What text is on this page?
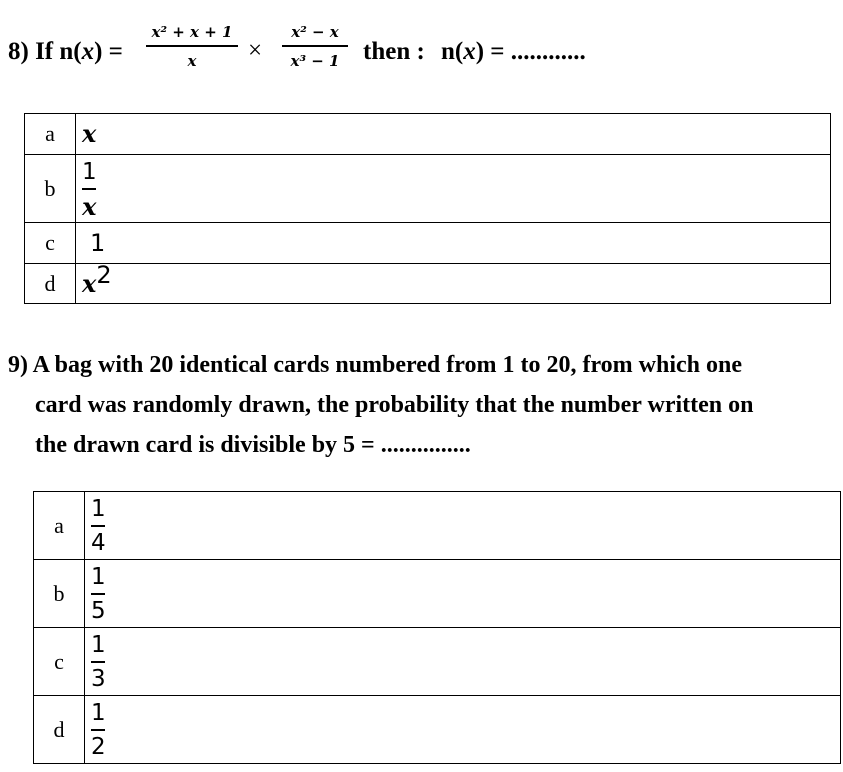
8) If n(x) =
x² + x + 1
x ×
x² − x
x³ − 1 then : n(x) = ............
a	x
b	$\frac{1}{x}$

c	1
d	$x^2$
9) A bag with 20 identical cards numbered from 1 to 20, from which one
card was randomly drawn, the probability that the number written on
the drawn card is divisible by 5 = ...............
a	$\frac{1}{4}$

b	$\frac{1}{5}$

c	$\frac{1}{3}$

d	$\frac{1}{2}$
